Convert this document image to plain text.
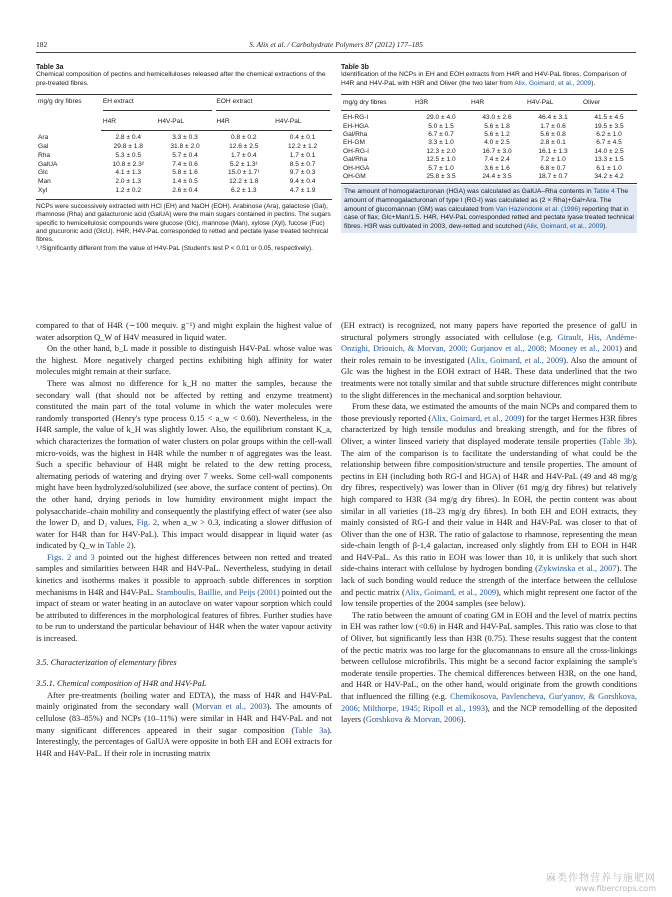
182	S. Alix et al. / Carbohydrate Polymers 87 (2012) 177–185
Table 3a
Chemical composition of pectins and hemicelluloses released after the chemical extractions of the pre-treated fibres.
mg/g dry fibres	EH extract		EOH extract	

	H4R	H4V-PaL	H4R	H4V-PaL
Ara	2.8 ± 0.4	3.3 ± 0.3	0.8 ± 0.2	0.4 ± 0.1
Gal	29.8 ± 1.8	31.8 ± 2.0	12.6 ± 2.5	12.2 ± 1.2
Rha	5.3 ± 0.5	5.7 ± 0.4	1.7 ± 0.4	1.7 ± 0.1
GalUA	10.8 ± 2.3²	7.4 ± 0.6	5.2 ± 1.3¹	8.5 ± 0.7
Glc	4.1 ± 1.3	5.8 ± 1.6	15.0 ± 1.7¹	9.7 ± 0.3
Man	2.0 ± 1.3	1.4 ± 0.5	12.2 ± 1.8	9.4 ± 0.4
Xyl	1.2 ± 0.2	2.6 ± 0.4	6.2 ± 1.3	4.7 ± 1.9
NCPs were successively extracted with HCl (EH) and NaOH (EOH). Arabinose (Ara), galactose (Gal), rhamnose (Rha) and galacturonic acid (GalUA) were the main sugars contained in pectins. The sugars specific to hemicellulosic compounds were glucose (Glc), mannose (Man), xylose (Xyl), fucose (Fuc) and glucuronic acid (GlcU). H4R, H4V-PaL corresponded to retted and pectate lyase treated technical fibres.
¹,²Significantly different from the value of H4V-PaL (Student's test P < 0.01 or 0.05, respectively).
Table 3b
Identification of the NCPs in EH and EOH extracts from H4R and H4V-PaL fibres. Comparison of H4R and H4V-PaL with H3R and Oliver (the two later from Alix, Goimard, et al., 2009).
mg/g dry fibres	H3R	H4R	H4V-PaL	Oliver
EH-RG-I	29.0 ± 4.0	43.0 ± 2.6	46.4 ± 3.1	41.5 ± 4.5
EH-HGA	5.0 ± 1.5	5.6 ± 1.8	1.7 ± 0.6	19.5 ± 3.5
Gal/Rha	6.7 ± 0.7	5.6 ± 1.2	5.6 ± 0.8	6.2 ± 1.0
EH-GM	3.3 ± 1.0	4.0 ± 2.5	2.8 ± 0.1	6.7 ± 4.5
OH-RG-I	12.3 ± 2.0	16.7 ± 3.0	16.1 ± 1.3	14.0 ± 2.5
Gal/Rha	12.5 ± 1.0	7.4 ± 2.4	7.2 ± 1.0	13.3 ± 1.5
OH-HGA	5.7 ± 1.0	3.6 ± 1.6	6.8 ± 0.7	6.1 ± 1.0
OH-GM	25.8 ± 3.5	24.4 ± 3.5	18.7 ± 0.7	34.2 ± 4.2
The amount of homogalacturonan (HGA) was calculated as GalUA–Rha contents in Table 4 The amount of rhamnogalacturonan of type I (RG-I) was calculated as (2 × Rha)+Gal+Ara. The amount of glucomannan (GM) was calculated from Van Hazendonk et al. (1996) reporting that in case of flax, Glc+Man/1.5. H4R, H4V-PaL corresponded retted and pectate lyase treated technical fibres. H3R was cultivated in 2003, dew-retted and scutched (Alix, Goimard, et al., 2009).

compared to that of H4R (∼100 mequiv. g⁻¹) and might explain the highest value of water adsorption Q_W of H4V measured in liquid water.

On the other hand, b_L made it possible to distinguish H4V-PaL whose value was the highest. More negatively charged pectins exhibiting high affinity for water molecules might remain at their surface.

There was almost no difference for k_H no matter the samples, because the secondary wall (that should not be affected by retting and enzyme treatment) constituted the main part of the total volume in which the water molecules were randomly transported (Henry's type process 0.15 < a_w < 0.60). Nevertheless, in the H4R sample, the value of k_H was slightly lower. Also, the equilibrium constant K_a, which characterizes the formation of water clusters on polar groups within the cell-wall micro-voids, was the highest in H4R while the number n of aggregates was the least. Such a specific behaviour of H4R might be related to the dew retting process, alternating periods of watering and drying over 7 weeks. Some cell-wall components might have been hydrolyzed/solubilized (see above, the surface content of pectins). On the other hand, drying periods in low humidity environment might impact the polysaccharide–chain mobility and consequently the plastifying effect of water (see also the lower D₁ and D₂ values, Fig. 2, when a_w > 0.3, indicating a slower diffusion of water for H4R than for H4V-PaL). This impact would disappear in liquid water (as indicated by Q_w in Table 2).

Figs. 2 and 3 pointed out the highest differences between non retted and treated samples and similarities between H4R and H4V-PaL. Nevertheless, studying in detail kinetics and isotherms makes it possible to approach subtle differences in sorption mechanisms in H4R and H4V-PaL. Stamboulis, Baillie, and Peijs (2001) pointed out the impact of steam or water heating in an autoclave on water vapour sorption which could be attributed to differences in the morphological features of fibres. Further studies have to be run to understand the particular behaviour of H4R when the water vapour activity is increased.

3.5. Characterization of elementary fibres
3.5.1. Chemical composition of H4R and H4V-PaL

After pre-treatments (boiling water and EDTA), the mass of H4R and H4V-PaL mainly originated from the secondary wall (Morvan et al., 2003). The amounts of cellulose (83–85%) and NCPs (10–11%) were similar in H4R and H4V-PaL and not many significant differences appeared in their sugar composition (Table 3a). Interestingly, the percentages of GalUA were opposite in both EH and EOH extracts for H4R and H4V-PaL. If their role in incrusting matrix

(EH extract) is recognized, not many papers have reported the presence of galU in structural polymers strongly associated with cellulose (e.g. Girault, His, Andème-Onzighi, Driouich, & Morvan, 2000; Gurjanov et al., 2008; Mooney et al., 2001) and their roles remain to be investigated (Alix, Goimard, et al., 2009). Also the amount of Glc was the highest in the EOH extract of H4R. These data underlined that the two treatments were not totally similar and that subtle structure differences might contribute to the slight differences in the mechanical and sorption behaviour.

From these data, we estimated the amounts of the main NCPs and compared them to those previously reported (Alix, Goimard, et al., 2009) for the target Hermes H3R fibres characterized by high tensile modulus and breaking strength, and for the fibres of Oliver, a winter linseed variety that displayed moderate tensile properties (Table 3b). The aim of the comparison is to facilitate the understanding of what could be the relationship between fibre composition/structure and tensile properties. The amount of pectins in EH (including both RG-I and HGA) of H4R and H4V-PaL (49 and 48 mg/g dry fibres, respectively) was lower than in Oliver (61 mg/g dry fibres) but relatively high compared to H3R (34 mg/g dry fibres). In EOH, the pectin content was about similar in all varieties (18–23 mg/g dry fibres). In both EH and EOH extracts, they mainly consisted of RG-I and their value in H4R and H4V-PaL was closer to that of Oliver than the one of H3R. The ratio of galactose to rhamnose, representing the mean side-chain length of β-1,4 galactan, increased only slightly from EH to EOH in H4R and H4V-PaL. As this ratio in EOH was lower than 10, it is unlikely that such short side-chains interact with cellulose by hydrogen bonding (Zykwinska et al., 2007). The lack of such bonding would reduce the strength of the interface between the cellulose and pectic matrix (Alix, Goimard, et al., 2009), which might represent one factor of the low tensile properties of the 2004 samples (see below).

The ratio between the amount of coating GM in EOH and the level of matrix pectins in EH was rather low (<0.6) in H4R and H4V-PaL samples. This ratio was close to that of Oliver, but significantly less than H3R (0.75). These results suggest that the content of the pectic matrix was too large for the glucomannans to ensure all the cross-linkings between cellulose microfibrils. This might be a second factor explaining the sample's moderate tensile properties. The chemical differences between H3R, on the one hand, and H4R or H4V-PaL, on the other hand, would originate from the growth conditions that influenced the filling (e.g. Chemikosova, Pavlencheva, Gur'yanov, & Gorshkova, 2006; Milthorpe, 1945; Ripoll et al., 1993), and the NCP remodelling of the deposited layers (Gorshkova & Morvan, 2006).

麻类作物营养与施肥网
www.fibercrops.com
